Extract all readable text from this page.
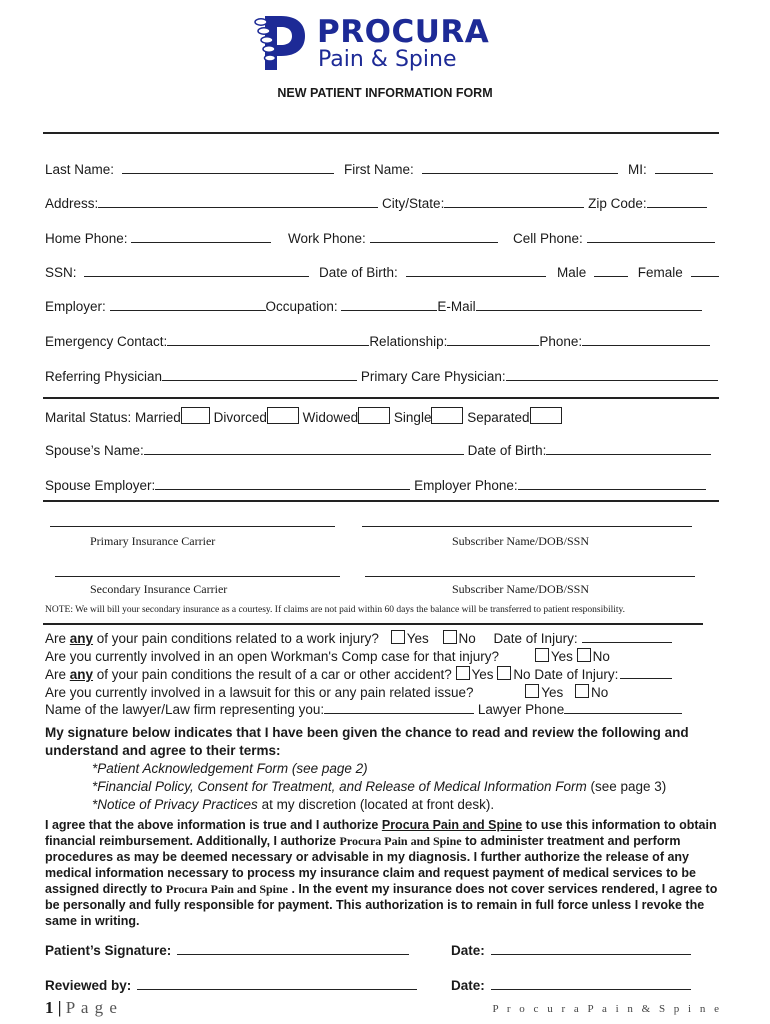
PROCURA
Pain & Spine
NEW PATIENT INFORMATION FORM
Last Name:	First Name:	MI:
Address:	City/State:	Zip Code:
Home Phone:	Work Phone:	Cell Phone:
SSN:	Date of Birth:	Male	Female
Employer:	Occupation:	E-Mail
Emergency Contact:	Relationship:	Phone:
Referring Physician	Primary Care Physician:
Marital Status: Married Divorced	Widowed	Single	Separated
Spouse’s Name:	Date of Birth:
Spouse Employer:	Employer Phone:
Primary Insurance Carrier	Subscriber Name/DOB/SSN
Secondary Insurance Carrier	Subscriber Name/DOB/SSN
NOTE: We will bill your secondary insurance as a courtesy. If claims are not paid within 60 days the balance will be transferred to patient responsibility.
Are any of your pain conditions related to a work injury? Yes No Date of Injury:
Are you currently involved in an open Workman's Comp case for that injury?	Yes No
Are any of your pain conditions the result of a car or other accident? Yes No Date of Injury:
Are you currently involved in a lawsuit for this or any pain related issue?	Yes No
Name of the lawyer/Law firm representing you:	Lawyer Phone
My signature below indicates that I have been given the chance to read and review the following and understand and agree to their terms:
*Patient Acknowledgement Form (see page 2)
*Financial Policy, Consent for Treatment, and Release of Medical Information Form (see page 3)
*Notice of Privacy Practices at my discretion (located at front desk).
I agree that the above information is true and I authorize Procura Pain and Spine to use this information to obtain financial reimbursement. Additionally, I authorize Procura Pain and Spine to administer treatment and perform procedures as may be deemed necessary or advisable in my diagnosis. I further authorize the release of any medical information necessary to process my insurance claim and request payment of medical services to be assigned directly to Procura Pain and Spine . In the event my insurance does not cover services rendered, I agree to be personally and fully responsible for payment. This authorization is to remain in full force unless I revoke the same in writing.
Patient’s Signature:	Date:
Reviewed by:	Date:
1 | P a g e	P r o c u r a P a i n & S p i n e
